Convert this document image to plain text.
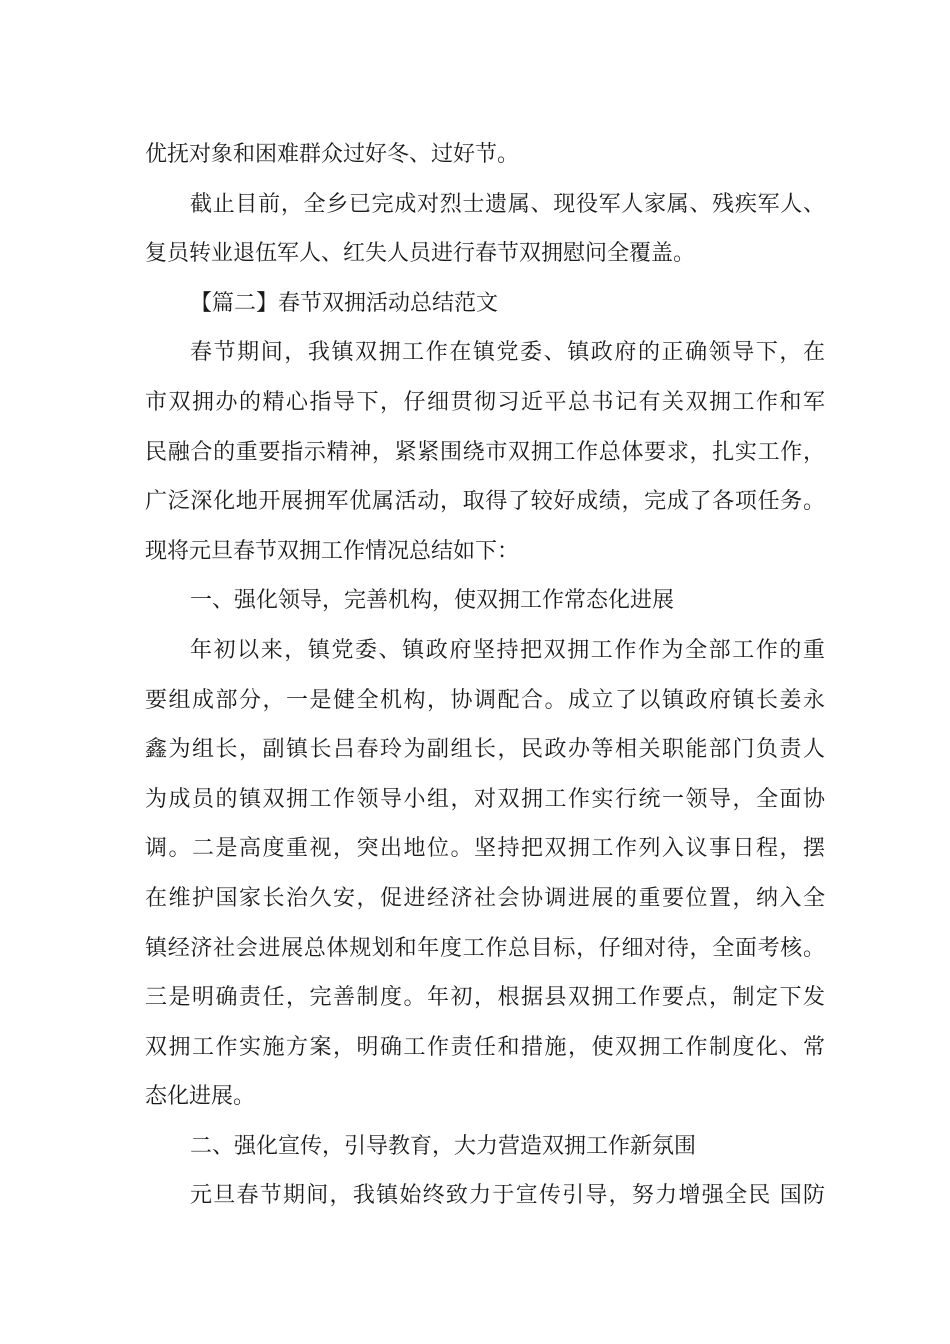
优抚对象和困难群众过好冬、过好节。
截止目前，全乡已完成对烈士遗属、现役军人家属、残疾军人、
复员转业退伍军人、红失人员进行春节双拥慰问全覆盖。
【篇二】春节双拥活动总结范文
春节期间，我镇双拥工作在镇党委、镇政府的正确领导下，在
市双拥办的精心指导下，仔细贯彻习近平总书记有关双拥工作和军
民融合的重要指示精神，紧紧围绕市双拥工作总体要求，扎实工作，
广泛深化地开展拥军优属活动，取得了较好成绩，完成了各项任务。
现将元旦春节双拥工作情况总结如下：
一、强化领导，完善机构，使双拥工作常态化进展
年初以来，镇党委、镇政府坚持把双拥工作作为全部工作的重
要组成部分，一是健全机构，协调配合。成立了以镇政府镇长姜永
鑫为组长，副镇长吕春玲为副组长，民政办等相关职能部门负责人
为成员的镇双拥工作领导小组，对双拥工作实行统一领导，全面协
调。二是高度重视，突出地位。坚持把双拥工作列入议事日程，摆
在维护国家长治久安，促进经济社会协调进展的重要位置，纳入全
镇经济社会进展总体规划和年度工作总目标，仔细对待，全面考核。
三是明确责任，完善制度。年初，根据县双拥工作要点，制定下发
双拥工作实施方案，明确工作责任和措施，使双拥工作制度化、常
态化进展。
二、强化宣传，引导教育，大力营造双拥工作新氛围
元旦春节期间，我镇始终致力于宣传引导，努力增强全民 国防
